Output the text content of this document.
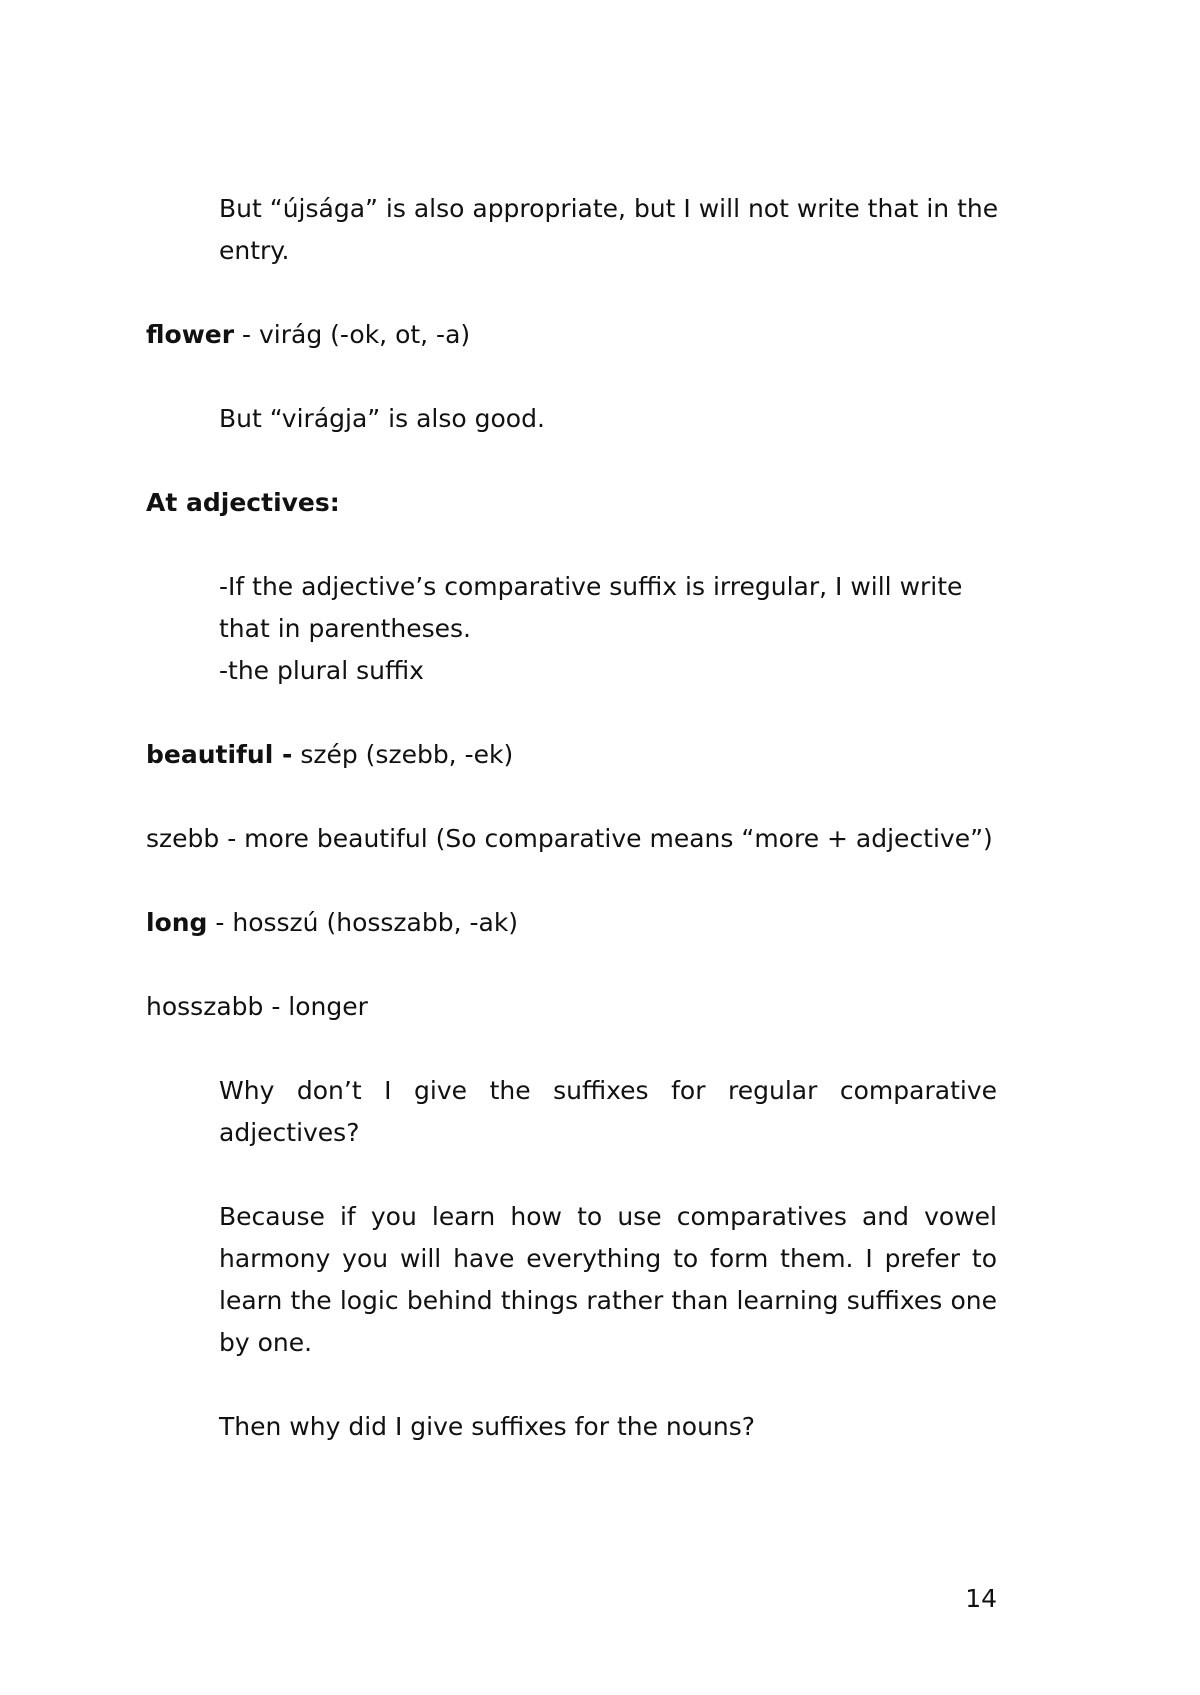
But “újsága” is also appropriate, but I will not write that in the

entry.

flower - virág (-ok, ot, -a)

But “virágja” is also good.

At adjectives:

-If the adjective’s comparative suffix is irregular, I will write

that in parentheses.

-the plural suffix

beautiful - szép (szebb, -ek)

szebb - more beautiful (So comparative means “more + adjective”)

long - hosszú (hosszabb, -ak)

hosszabb - longer

Why don’t I give the suffixes for regular comparative

adjectives?

Because if you learn how to use comparatives and vowel

harmony you will have everything to form them. I prefer to

learn the logic behind things rather than learning suffixes one

by one.

Then why did I give suffixes for the nouns?

14
